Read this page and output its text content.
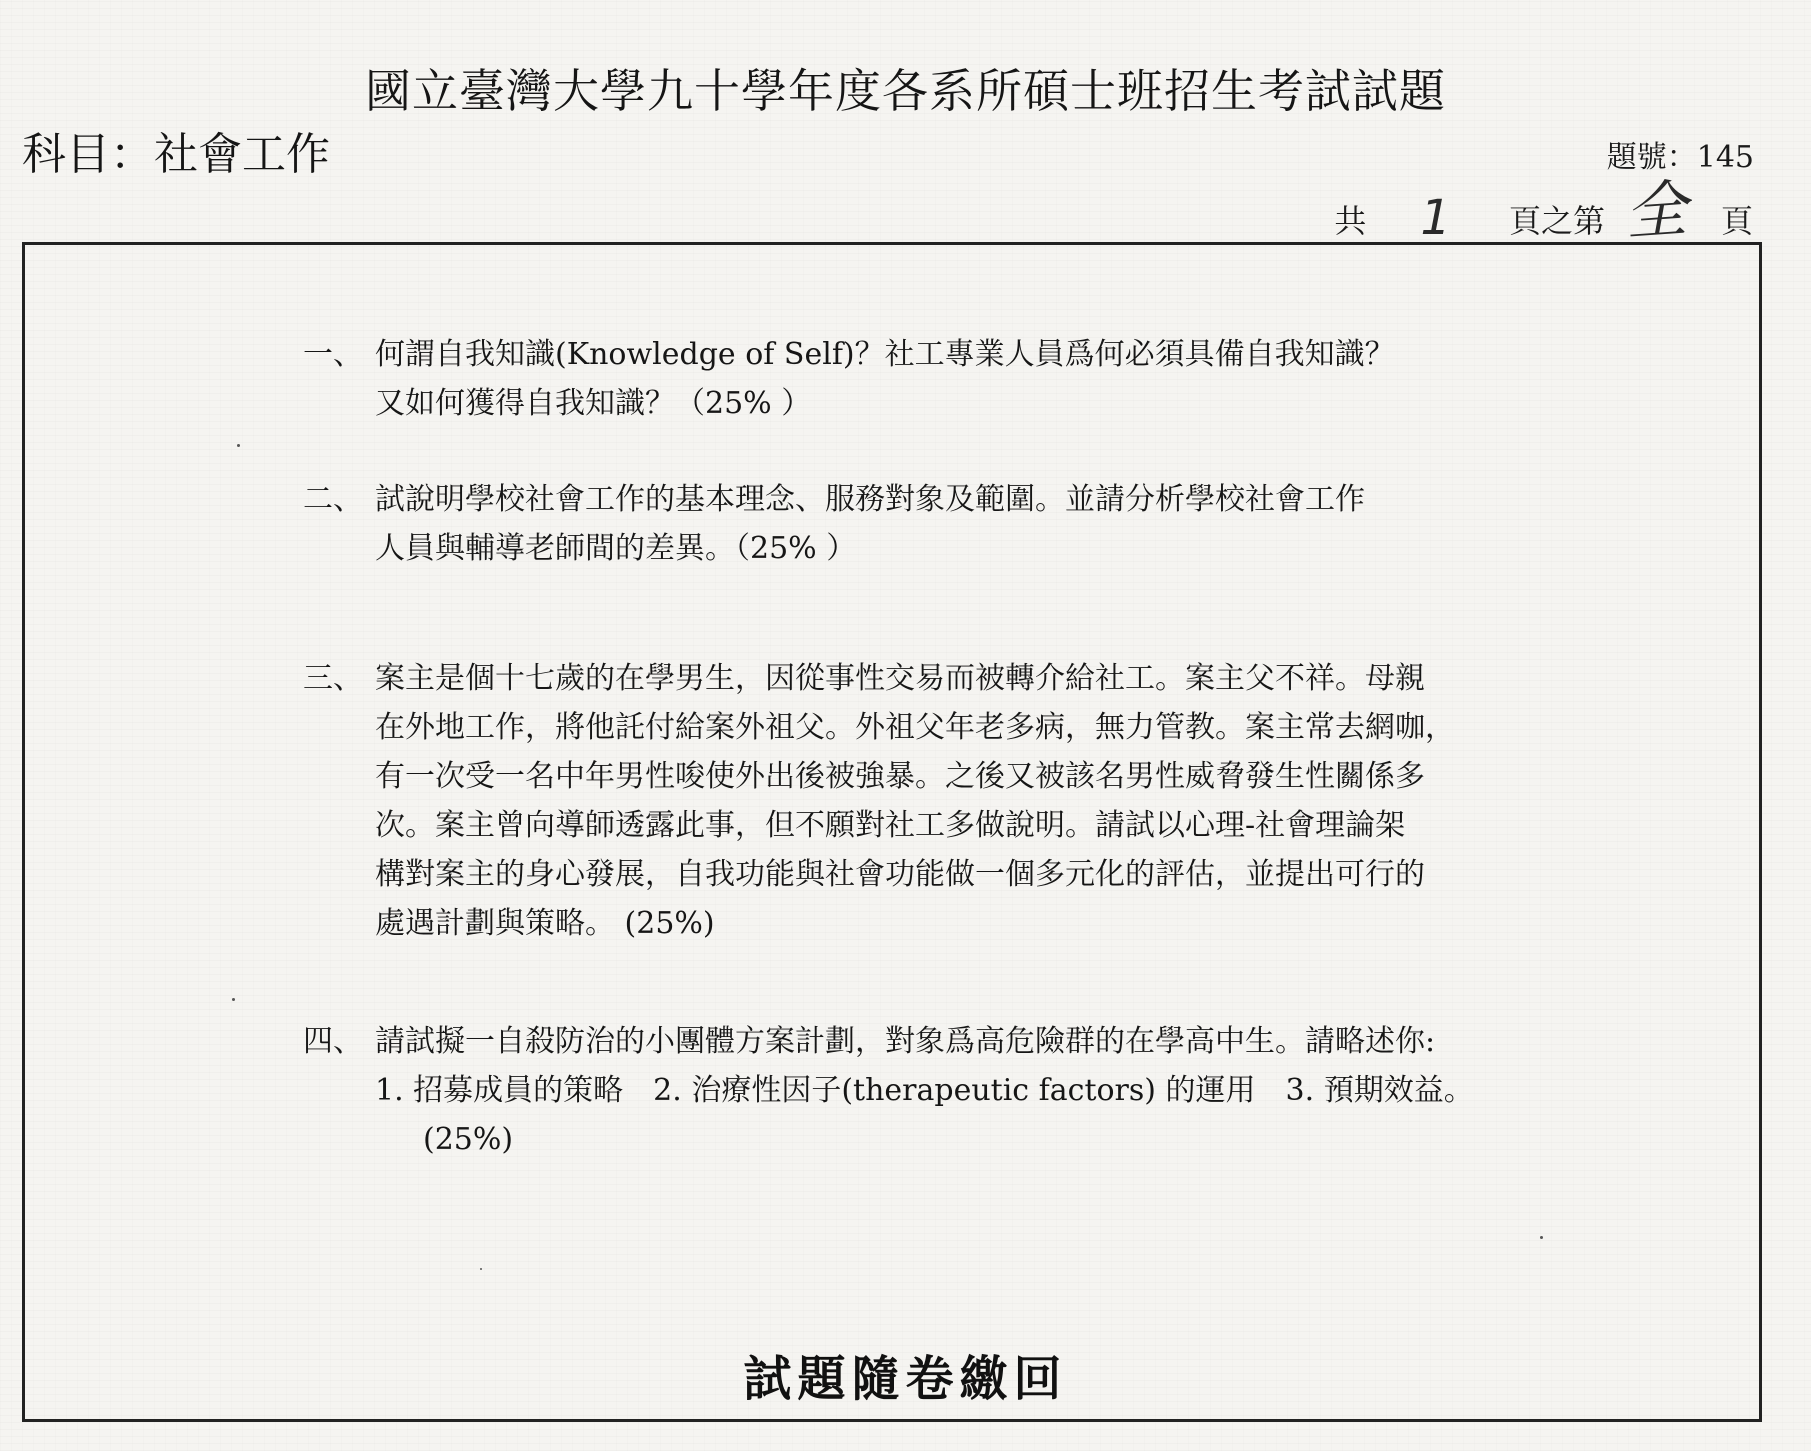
國立臺灣大學九十學年度各系所碩士班招生考試試題
科目：社會工作	題號：145
共 1 頁之第 全 頁
一、 何謂自我知識(Knowledge of Self)？社工專業人員爲何必須具備自我知識？
又如何獲得自我知識？（25% ）
二、 試說明學校社會工作的基本理念、服務對象及範圍。並請分析學校社會工作
人員與輔導老師間的差異。（25% ）
三、 案主是個十七歲的在學男生，因從事性交易而被轉介給社工。案主父不祥。母親
在外地工作，將他託付給案外祖父。外祖父年老多病，無力管教。案主常去網咖，
有一次受一名中年男性唆使外出後被強暴。之後又被該名男性威脅發生性關係多
次。案主曾向導師透露此事，但不願對社工多做說明。請試以心理-社會理論架
構對案主的身心發展，自我功能與社會功能做一個多元化的評估，並提出可行的
處遇計劃與策略。 (25%)
四、 請試擬一自殺防治的小團體方案計劃，對象爲高危險群的在學高中生。請略述你:
1. 招募成員的策略　2. 治療性因子(therapeutic factors) 的運用　3. 預期效益。
(25%)
試題隨卷繳回
